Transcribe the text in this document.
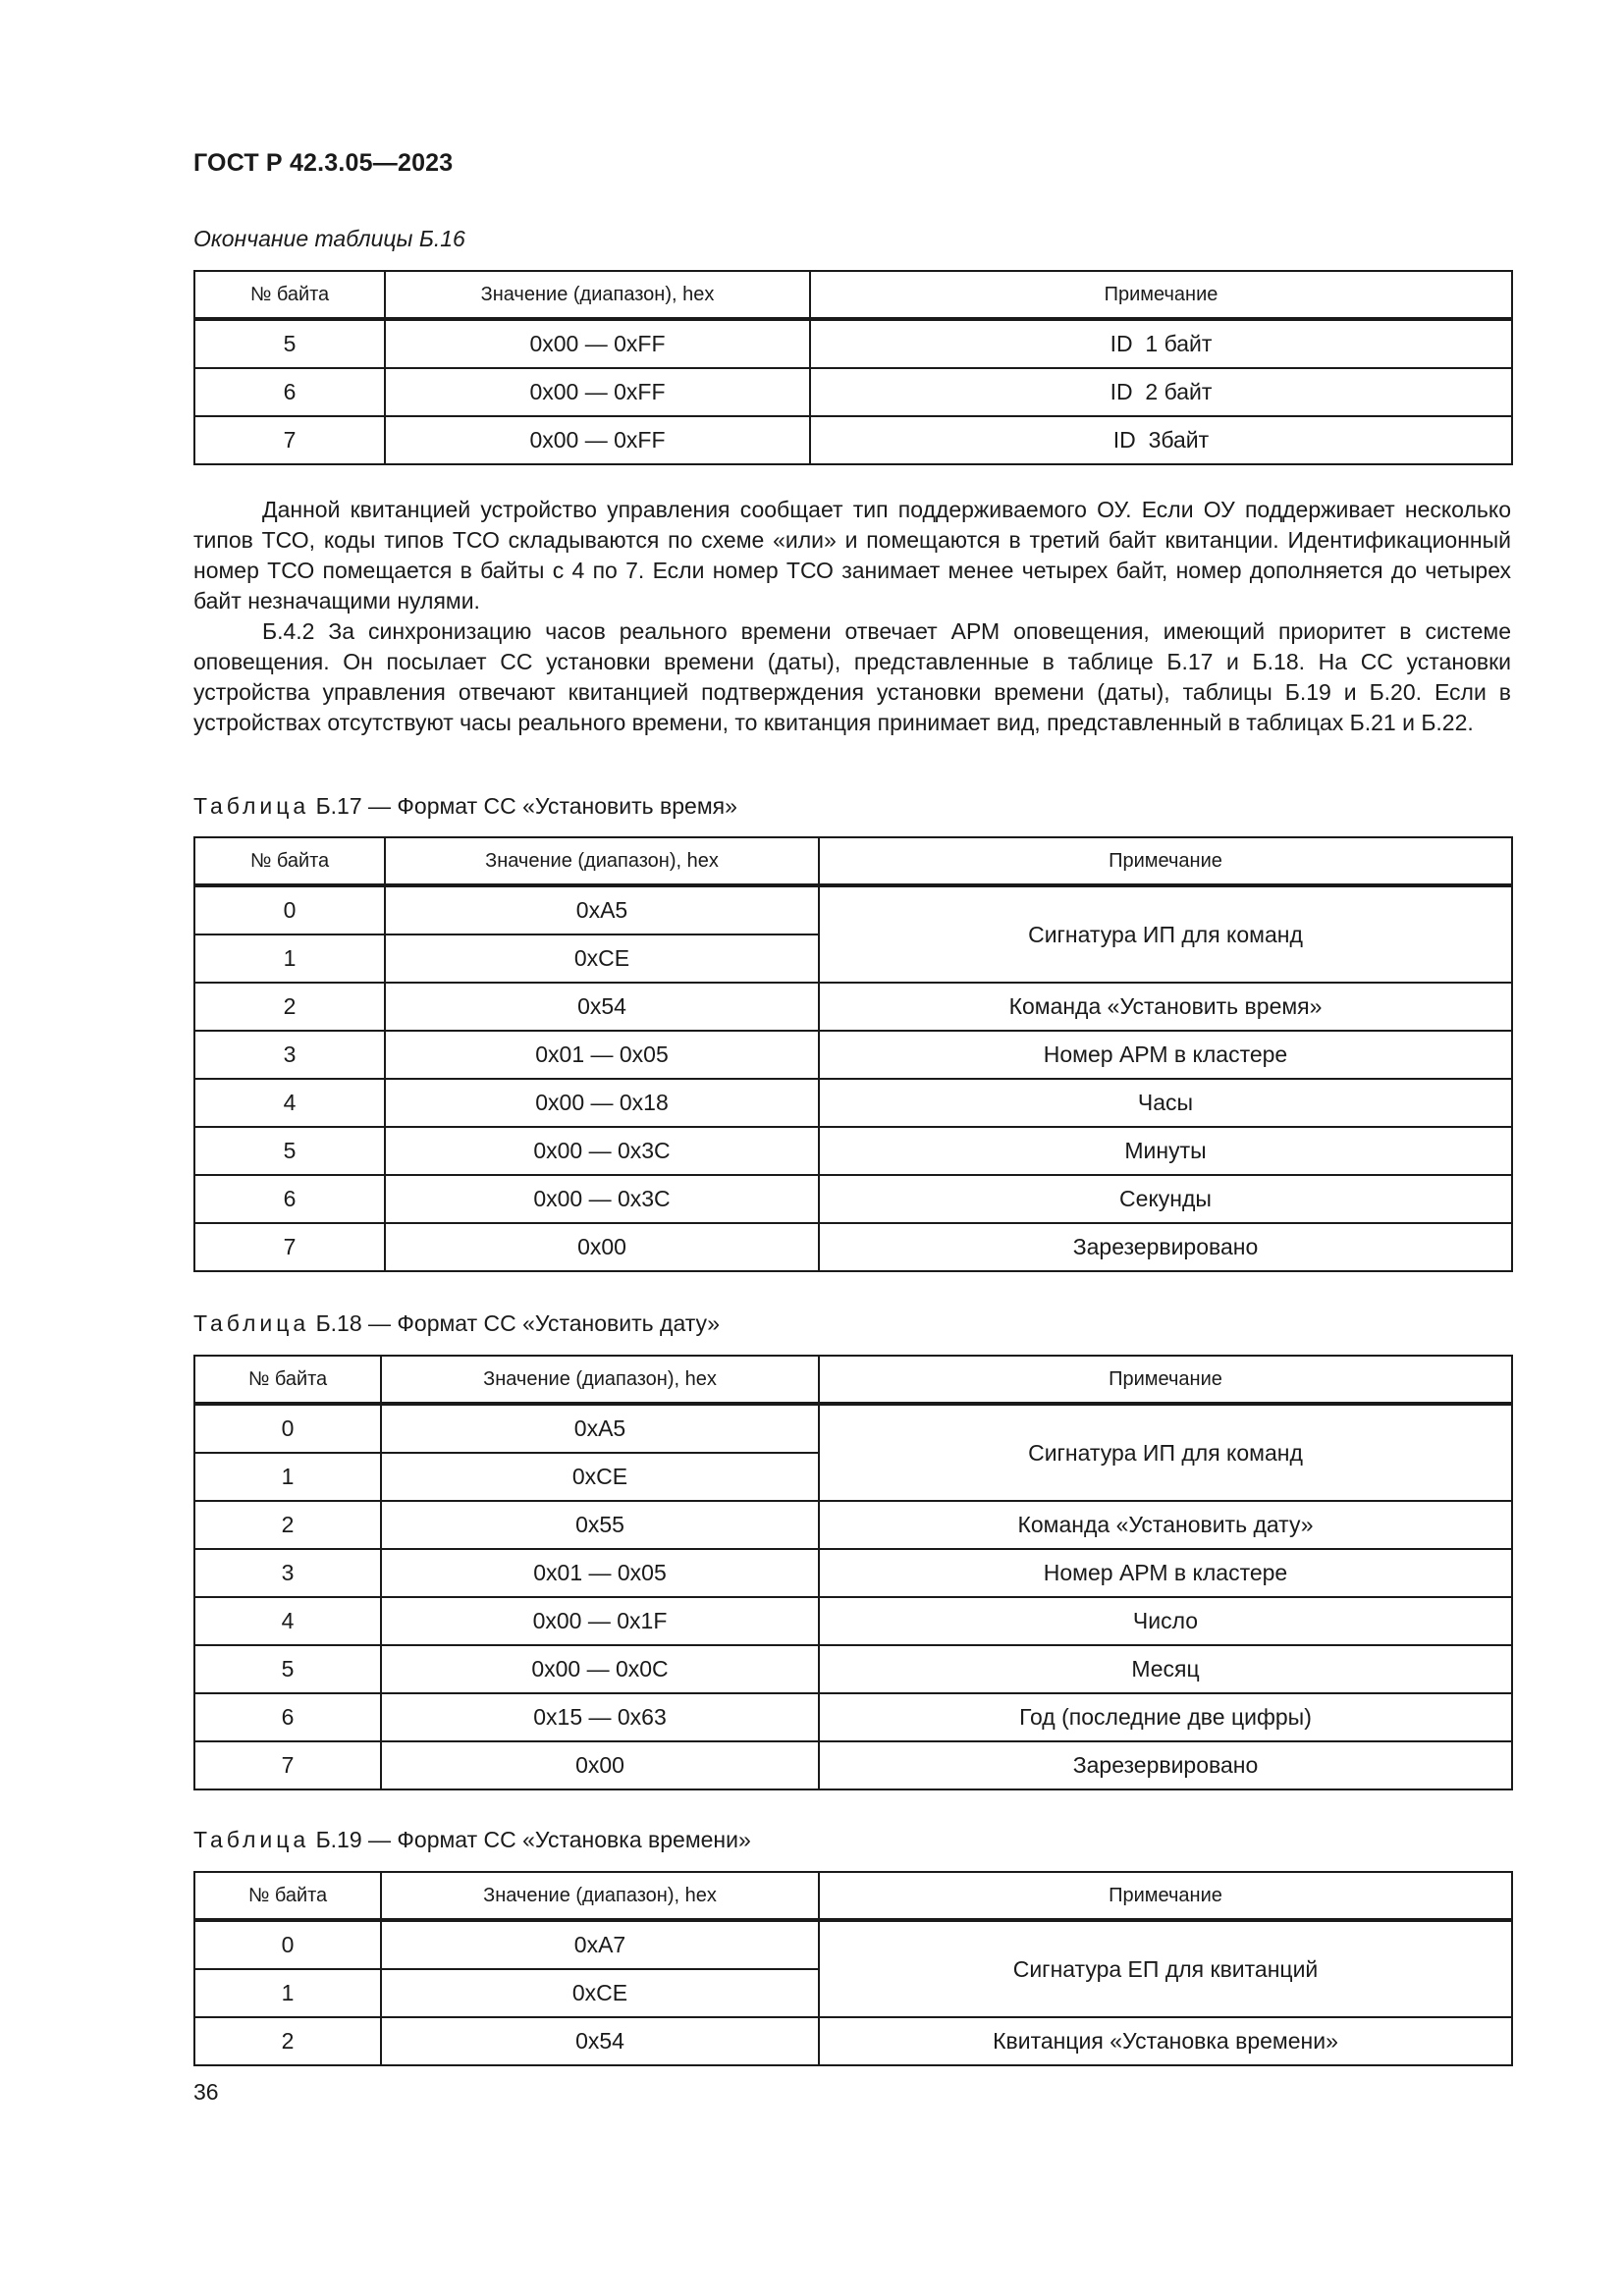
ГОСТ Р 42.3.05—2023
Окончание таблицы Б.16
№ байта	Значение (диапазон), hex	Примечание
5	0x00 — 0xFF	ID  1 байт
6	0x00 — 0xFF	ID  2 байт
7	0x00 — 0xFF	ID  3байт

Данной квитанцией устройство управления сообщает тип поддерживаемого ОУ. Если ОУ поддерживает несколько типов ТСО, коды типов ТСО складываются по схеме «или» и помещаются в третий байт квитанции. Идентификационный номер ТСО помещается в байты с 4 по 7. Если номер ТСО занимает менее четырех байт, номер дополняется до четырех байт незначащими нулями.

Б.4.2 За синхронизацию часов реального времени отвечает АРМ оповещения, имеющий приоритет в системе оповещения. Он посылает СС установки времени (даты), представленные в таблице Б.17 и Б.18. На СС установки устройства управления отвечают квитанцией подтверждения установки времени (даты), таблицы Б.19 и Б.20. Если в устройствах отсутствуют часы реального времени, то квитанция принимает вид, представленный в таблицах Б.21 и Б.22.

Таблица Б.17 — Формат СС «Установить время»
№ байта	Значение (диапазон), hex	Примечание
0	0xA5	Сигнатура ИП для команд
1	0xCE	
2	0x54	Команда «Установить время»
3	0x01 — 0x05	Номер АРМ в кластере
4	0x00 — 0x18	Часы
5	0x00 — 0x3C	Минуты
6	0x00 — 0x3C	Секунды
7	0x00	Зарезервировано
Таблица Б.18 — Формат СС «Установить дату»
№ байта	Значение (диапазон), hex	Примечание
0	0xA5	Сигнатура ИП для команд
1	0xCE	
2	0x55	Команда «Установить дату»
3	0x01 — 0x05	Номер АРМ в кластере
4	0x00 — 0x1F	Число
5	0x00 — 0x0C	Месяц
6	0x15 — 0x63	Год (последние две цифры)
7	0x00	Зарезервировано
Таблица Б.19 — Формат СС «Установка времени»
№ байта	Значение (диапазон), hex	Примечание
0	0xA7	Сигнатура ЕП для квитанций
1	0xCE	
2	0x54	Квитанция «Установка времени»
36
